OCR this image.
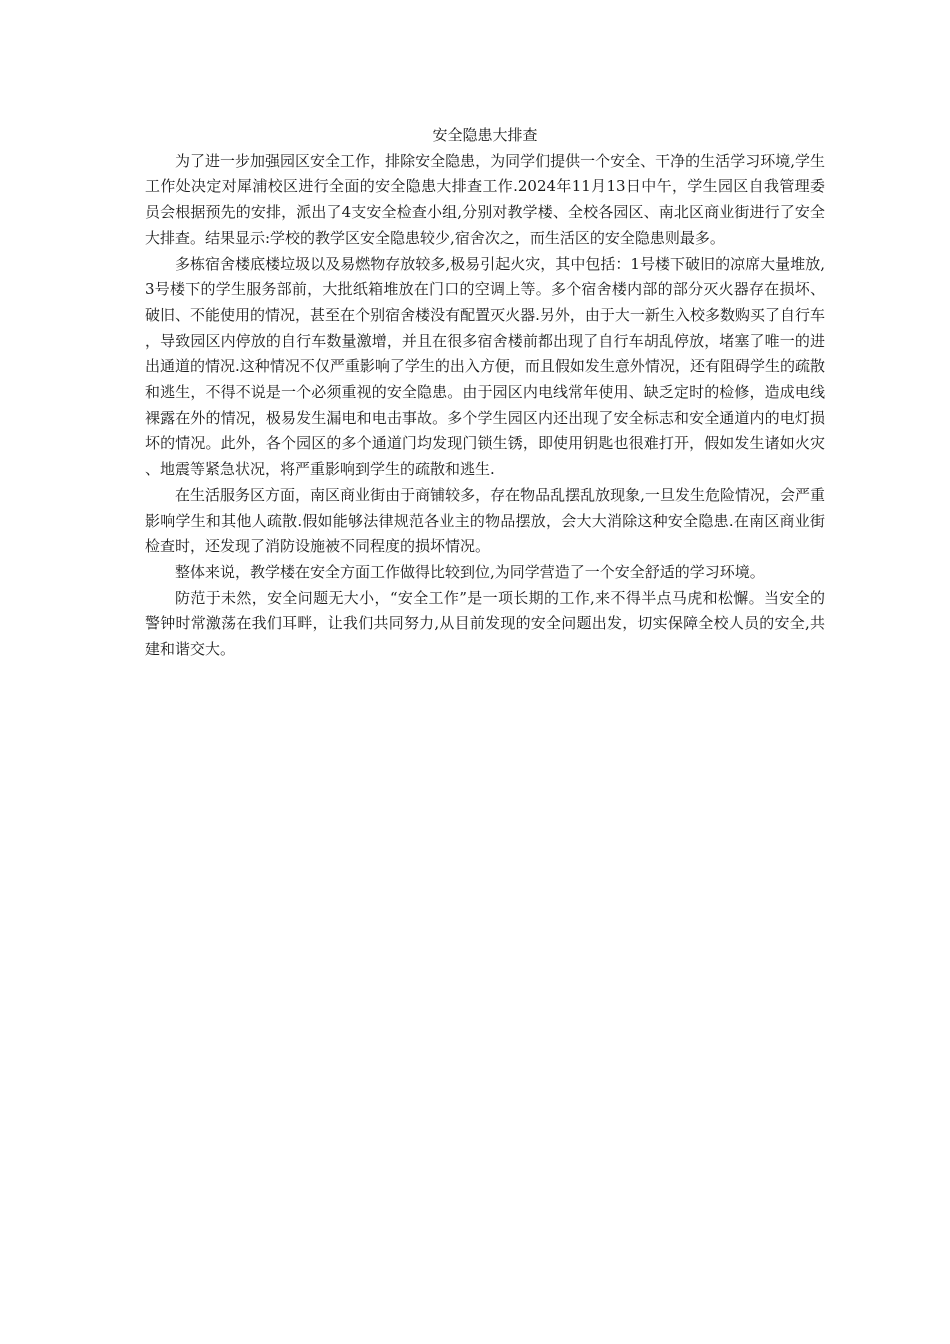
安全隐患大排查

为了进一步加强园区安全工作，排除安全隐患，为同学们提供一个安全、干净的生活学习环境,学生工作处决定对犀浦校区进行全面的安全隐患大排查工作.2024年11月13日中午，学生园区自我管理委员会根据预先的安排，派出了4支安全检查小组,分别对教学楼、全校各园区、南北区商业街进行了安全大排查。结果显示:学校的教学区安全隐患较少,宿舍次之，而生活区的安全隐患则最多。

多栋宿舍楼底楼垃圾以及易燃物存放较多,极易引起火灾，其中包括：1号楼下破旧的凉席大量堆放, 3号楼下的学生服务部前，大批纸箱堆放在门口的空调上等。多个宿舍楼内部的部分灭火器存在损坏、破旧、不能使用的情况，甚至在个别宿舍楼没有配置灭火器.另外，由于大一新生入校多数购买了自行车，导致园区内停放的自行车数量激增，并且在很多宿舍楼前都出现了自行车胡乱停放，堵塞了唯一的进出通道的情况.这种情况不仅严重影响了学生的出入方便，而且假如发生意外情况，还有阻碍学生的疏散和逃生，不得不说是一个必须重视的安全隐患。由于园区内电线常年使用、缺乏定时的检修，造成电线裸露在外的情况，极易发生漏电和电击事故。多个学生园区内还出现了安全标志和安全通道内的电灯损坏的情况。此外，各个园区的多个通道门均发现门锁生锈，即使用钥匙也很难打开，假如发生诸如火灾、地震等紧急状况，将严重影响到学生的疏散和逃生.

在生活服务区方面，南区商业街由于商铺较多，存在物品乱摆乱放现象,一旦发生危险情况，会严重影响学生和其他人疏散.假如能够法律规范各业主的物品摆放，会大大消除这种安全隐患.在南区商业街检查时，还发现了消防设施被不同程度的损坏情况。

整体来说，教学楼在安全方面工作做得比较到位,为同学营造了一个安全舒适的学习环境。

防范于未然，安全问题无大小，“安全工作”是一项长期的工作,来不得半点马虎和松懈。当安全的警钟时常激荡在我们耳畔，让我们共同努力,从目前发现的安全问题出发，切实保障全校人员的安全,共建和谐交大。
